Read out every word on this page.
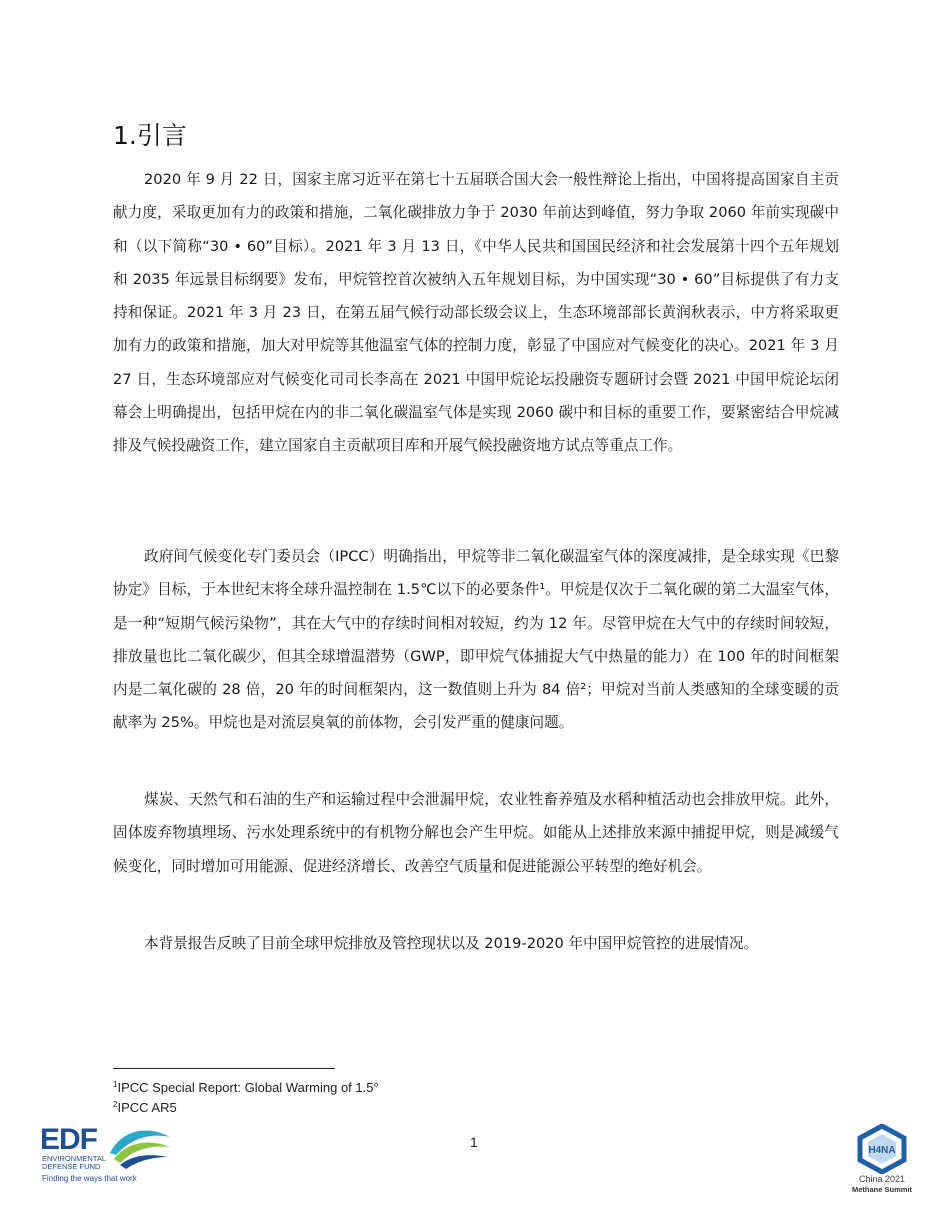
1.引言

2020 年 9 月 22 日，国家主席习近平在第七十五届联合国大会一般性辩论上指出，中国将提高国家自主贡献力度，采取更加有力的政策和措施，二氧化碳排放力争于 2030 年前达到峰值，努力争取 2060 年前实现碳中和（以下简称“30 • 60”目标）。2021 年 3 月 13 日，《中华人民共和国国民经济和社会发展第十四个五年规划和 2035 年远景目标纲要》发布，甲烷管控首次被纳入五年规划目标，为中国实现“30 • 60”目标提供了有力支持和保证。2021 年 3 月 23 日，在第五届气候行动部长级会议上，生态环境部部长黄润秋表示，中方将采取更加有力的政策和措施，加大对甲烷等其他温室气体的控制力度，彰显了中国应对气候变化的决心。2021 年 3 月 27 日，生态环境部应对气候变化司司长李高在 2021 中国甲烷论坛投融资专题研讨会暨 2021 中国甲烷论坛闭幕会上明确提出，包括甲烷在内的非二氧化碳温室气体是实现 2060 碳中和目标的重要工作，要紧密结合甲烷减排及气候投融资工作，建立国家自主贡献项目库和开展气候投融资地方试点等重点工作。

政府间气候变化专门委员会（IPCC）明确指出，甲烷等非二氧化碳温室气体的深度减排，是全球实现《巴黎协定》目标，于本世纪末将全球升温控制在 1.5℃以下的必要条件¹。甲烷是仅次于二氧化碳的第二大温室气体，是一种“短期气候污染物”，其在大气中的存续时间相对较短，约为 12 年。尽管甲烷在大气中的存续时间较短，排放量也比二氧化碳少，但其全球增温潜势（GWP，即甲烷气体捕捉大气中热量的能力）在 100 年的时间框架内是二氧化碳的 28 倍，20 年的时间框架内，这一数值则上升为 84 倍²；甲烷对当前人类感知的全球变暖的贡献率为 25%。甲烷也是对流层臭氧的前体物，会引发严重的健康问题。

煤炭、天然气和石油的生产和运输过程中会泄漏甲烷，农业牲畜养殖及水稻种植活动也会排放甲烷。此外，固体废弃物填埋场、污水处理系统中的有机物分解也会产生甲烷。如能从上述排放来源中捕捉甲烷，则是减缓气候变化，同时增加可用能源、促进经济增长、改善空气质量和促进能源公平转型的绝好机会。

本背景报告反映了目前全球甲烷排放及管控现状以及 2019-2020 年中国甲烷管控的进展情况。

$^1$IPCC Special Report: Global Warming of 1.5°
$^2$IPCC AR5
1
EDF
ENVIRONMENTAL DEFENSE FUND
Finding the ways that work
H4NA
China 2021
Methane Summit
